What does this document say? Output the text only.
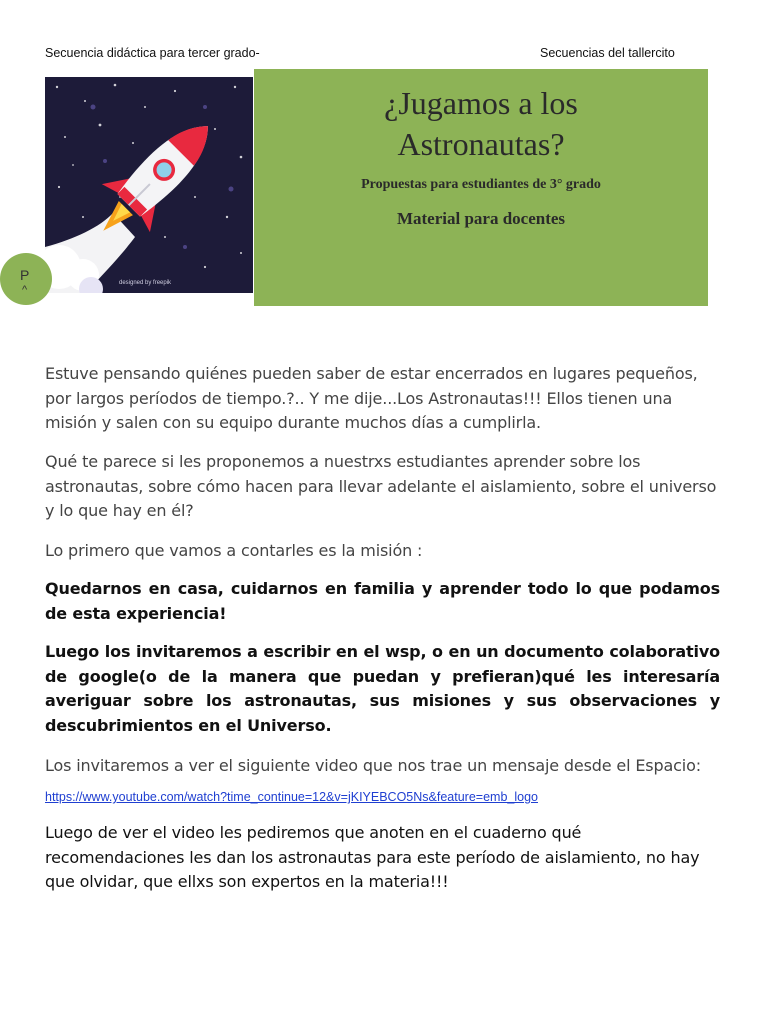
Secuencia didáctica para tercer grado-	Secuencias del tallercito
designed by freepik
¿Jugamos a los
Astronautas?
Propuestas para estudiantes de 3° grado
Material para docentes
P
^
Estuve pensando quiénes pueden saber de estar encerrados en lugares pequeños, por largos períodos de tiempo.?.. Y me dije...Los Astronautas!!! Ellos tienen una misión y salen con su equipo durante muchos días a cumplirla.
Qué te parece si les proponemos a nuestrxs estudiantes aprender sobre los astronautas, sobre cómo hacen para llevar adelante el aislamiento, sobre el universo y lo que hay en él?
Lo primero que vamos a contarles es la misión :
Quedarnos en casa, cuidarnos en familia y aprender todo lo que podamos de esta experiencia!
Luego los invitaremos a escribir en el wsp, o en un documento colaborativo de google(o de la manera que puedan y prefieran)qué les interesaría averiguar sobre los astronautas, sus misiones y sus observaciones y descubrimientos en el Universo.
Los invitaremos a ver el siguiente video que nos trae un mensaje desde el Espacio:
https://www.youtube.com/watch?time_continue=12&v=jKIYEBCO5Ns&feature=emb_logo
Luego de ver el video les pediremos que anoten en el cuaderno qué recomendaciones les dan los astronautas para este período de aislamiento, no hay que olvidar, que ellxs son expertos en la materia!!!
